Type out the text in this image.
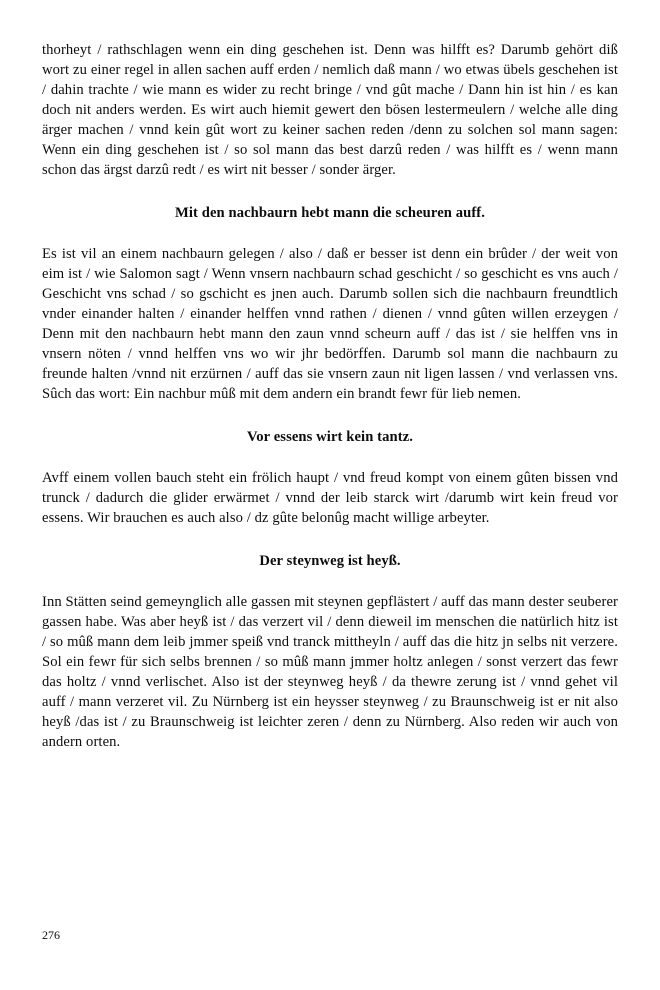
thorheyt / rathschlagen wenn ein ding geschehen ist. Denn was hilfft es? Darumb gehört diß wort zu einer regel in allen sachen auff erden / nemlich daß mann / wo etwas übels geschehen ist / dahin trachte / wie mann es wider zu recht bringe / vnd gût mache / Dann hin ist hin / es kan doch nit anders werden. Es wirt auch hiemit gewert den bösen lestermeulern / welche alle ding ärger machen / vnnd kein gût wort zu keiner sachen reden /denn zu solchen sol mann sagen: Wenn ein ding geschehen ist / so sol mann das best darzû reden / was hilfft es / wenn mann schon das ärgst darzû redt / es wirt nit besser / sonder ärger.

Mit den nachbaurn hebt mann die scheuren auff.

Es ist vil an einem nachbaurn gelegen / also / daß er besser ist denn ein brûder / der weit von eim ist / wie Salomon sagt / Wenn vnsern nachbaurn schad geschicht / so geschicht es vns auch / Geschicht vns schad / so gschicht es jnen auch. Darumb sollen sich die nachbaurn freundtlich vnder einander halten / einander helffen vnnd rathen / dienen / vnnd gûten willen erzeygen / Denn mit den nachbaurn hebt mann den zaun vnnd scheurn auff / das ist / sie helffen vns in vnsern nöten / vnnd helffen vns wo wir jhr bedörffen. Darumb sol mann die nachbaurn zu freunde halten /vnnd nit erzürnen / auff das sie vnsern zaun nit ligen lassen / vnd verlassen vns. Sûch das wort: Ein nachbur mûß mit dem andern ein brandt fewr für lieb nemen.

Vor essens wirt kein tantz.

Avff einem vollen bauch steht ein frölich haupt / vnd freud kompt von einem gûten bissen vnd trunck / dadurch die glider erwärmet / vnnd der leib starck wirt /darumb wirt kein freud vor essens. Wir brauchen es auch also / dz gûte belonûg macht willige arbeyter.

Der steynweg ist heyß.

Inn Stätten seind gemeynglich alle gassen mit steynen gepflästert / auff das mann dester seuberer gassen habe. Was aber heyß ist / das verzert vil / denn dieweil im menschen die natürlich hitz ist / so mûß mann dem leib jmmer speiß vnd tranck mittheyln / auff das die hitz jn selbs nit verzere. Sol ein fewr für sich selbs brennen / so mûß mann jmmer holtz anlegen / sonst verzert das fewr das holtz / vnnd verlischet. Also ist der steynweg heyß / da thewre zerung ist / vnnd gehet vil auff / mann verzeret vil. Zu Nürnberg ist ein heysser steynweg / zu Braunschweig ist er nit also heyß /das ist / zu Braunschweig ist leichter zeren / denn zu Nürnberg. Also reden wir auch von andern orten.

276
